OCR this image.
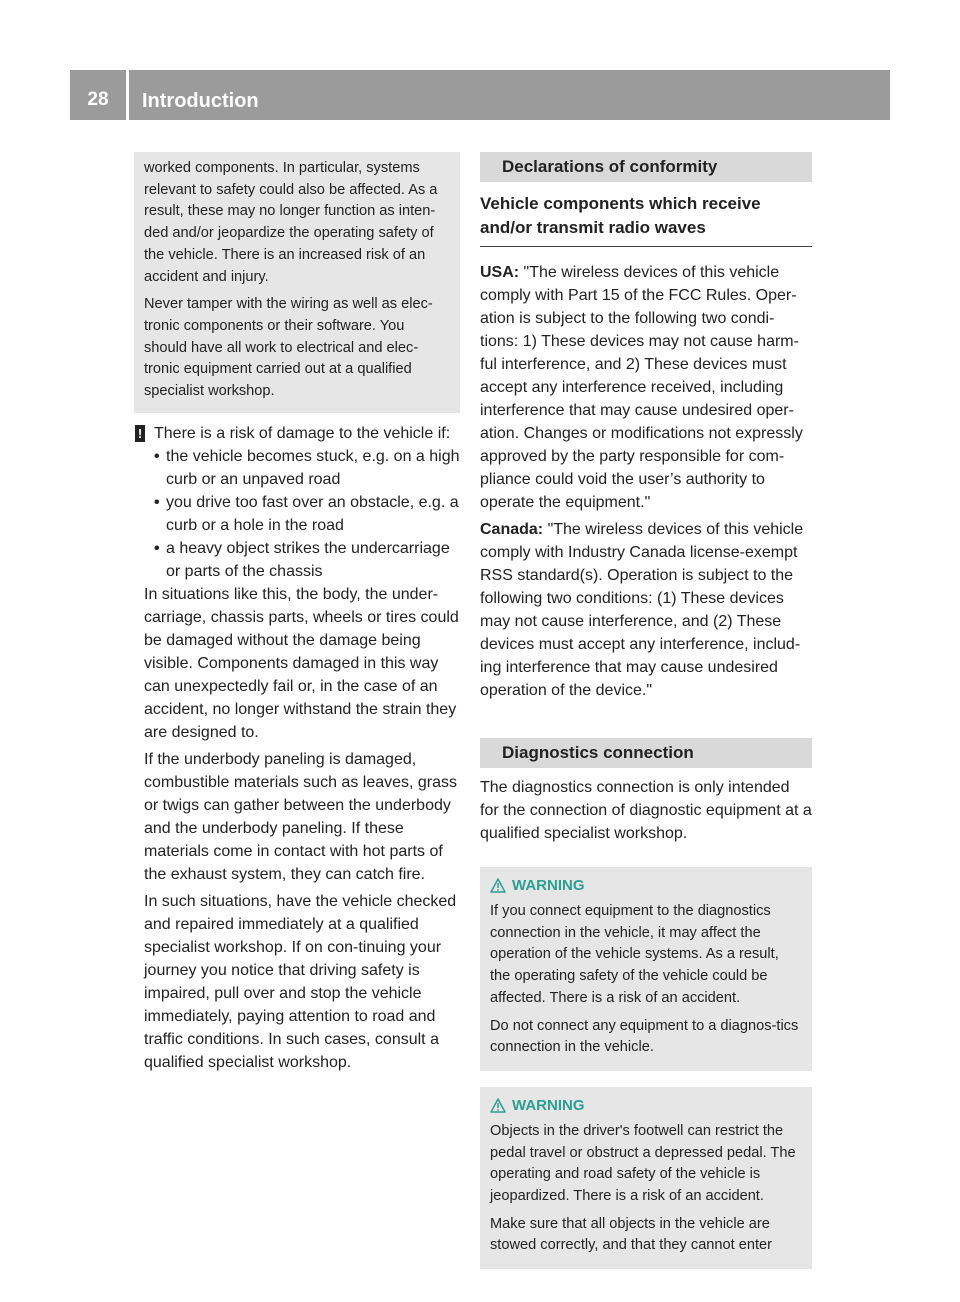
28	Introduction

worked components. In particular, systems relevant to safety could also be affected. As a result, these may no longer function as inten-ded and/or jeopardize the operating safety of the vehicle. There is an increased risk of an accident and injury.

Never tamper with the wiring as well as elec-tronic components or their software. You should have all work to electrical and elec-tronic equipment carried out at a qualified specialist workshop.

! There is a risk of damage to the vehicle if:
• the vehicle becomes stuck, e.g. on a high curb or an unpaved road
• you drive too fast over an obstacle, e.g. a curb or a hole in the road
• a heavy object strikes the undercarriage or parts of the chassis

In situations like this, the body, the under-carriage, chassis parts, wheels or tires could be damaged without the damage being visible. Components damaged in this way can unexpectedly fail or, in the case of an accident, no longer withstand the strain they are designed to.

If the underbody paneling is damaged, combustible materials such as leaves, grass or twigs can gather between the underbody and the underbody paneling. If these materials come in contact with hot parts of the exhaust system, they can catch fire.

In such situations, have the vehicle checked and repaired immediately at a qualified specialist workshop. If on con-tinuing your journey you notice that driving safety is impaired, pull over and stop the vehicle immediately, paying attention to road and traffic conditions. In such cases, consult a qualified specialist workshop.

Declarations of conformity
Vehicle components which receive and/or transmit radio waves

USA: "The wireless devices of this vehicle comply with Part 15 of the FCC Rules. Oper-ation is subject to the following two condi-tions: 1) These devices may not cause harm-ful interference, and 2) These devices must accept any interference received, including interference that may cause undesired oper-ation. Changes or modifications not expressly approved by the party responsible for com-pliance could void the user’s authority to operate the equipment."

Canada: "The wireless devices of this vehicle comply with Industry Canada license-exempt RSS standard(s). Operation is subject to the following two conditions: (1) These devices may not cause interference, and (2) These devices must accept any interference, includ-ing interference that may cause undesired operation of the device."

Diagnostics connection

The diagnostics connection is only intended for the connection of diagnostic equipment at a qualified specialist workshop.

WARNING

If you connect equipment to the diagnostics connection in the vehicle, it may affect the operation of the vehicle systems. As a result, the operating safety of the vehicle could be affected. There is a risk of an accident.

Do not connect any equipment to a diagnos-tics connection in the vehicle.

WARNING

Objects in the driver's footwell can restrict the pedal travel or obstruct a depressed pedal. The operating and road safety of the vehicle is jeopardized. There is a risk of an accident.

Make sure that all objects in the vehicle are stowed correctly, and that they cannot enter
